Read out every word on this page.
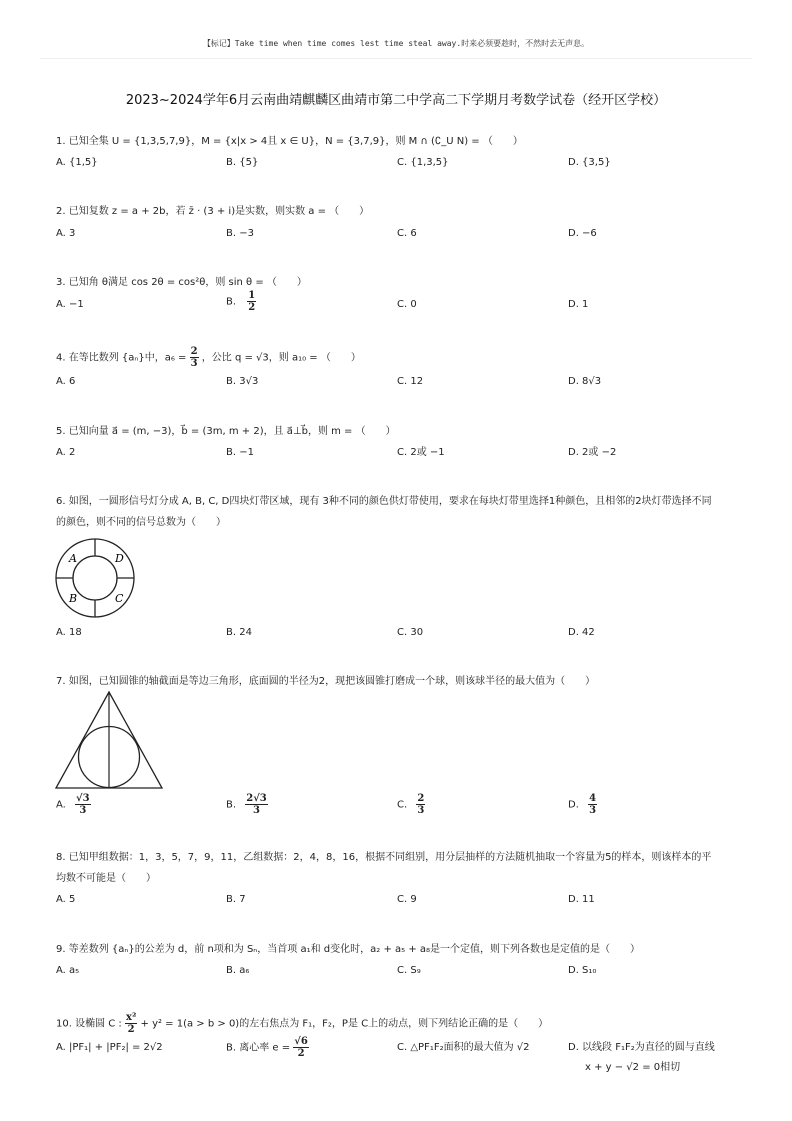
【标记】Take time when time comes lest time steal away.时来必须要趁时，不然时去无声息。
2023~2024学年6月云南曲靖麒麟区曲靖市第二中学高二下学期月考数学试卷（经开区学校）
1. 已知全集 U = {1,3,5,7,9}，M = {x|x > 4且 x ∈ U}，N = {3,7,9}，则 M ∩ (∁_U N) = （　　）
A. {1,5}	B. {5}	C. {1,3,5}	D. {3,5}
2. 已知复数 z = a + 2b，若 z̄ · (3 + i)是实数，则实数 a = （　　）
A. 3	B. −3	C. 6	D. −6
3. 已知角 θ满足 cos 2θ = cos²θ，则 sin θ = （　　）
A. −1	B. $\frac{1}{2}$	C. 0	D. 1
4. 在等比数列 {aₙ}中，$a_6 = \frac{2}{3}$ ，公比 q = √3，则 a₁₀ = （　　）
A. 6	B. 3√3	C. 12	D. 8√3
5. 已知向量 a⃗ = (m, −3)，b⃗ = (3m, m + 2)，且 a⃗⊥b⃗，则 m = （　　）
A. 2	B. −1	C. 2或 −1	D. 2或 −2
6. 如图，一圆形信号灯分成 A, B, C, D四块灯带区域，现有 3种不同的颜色供灯带使用，要求在每块灯带里选择1种颜色，且相邻的2块灯带选择不同
的颜色，则不同的信号总数为（　　）
A	D
B	C
A. 18	B. 24	C. 30	D. 42
7. 如图，已知圆锥的轴截面是等边三角形，底面圆的半径为2，现把该圆锥打磨成一个球，则该球半径的最大值为（　　）
A. $\frac{√3}{3}$	B. $\frac{2√3}{3}$	C. $\frac{2}{3}$	D. $\frac{4}{3}$
8. 已知甲组数据：1，3，5，7，9，11，乙组数据：2，4，8，16，根据不同组别，用分层抽样的方法随机抽取一个容量为5的样本，则该样本的平
均数不可能是（　　）
A. 5	B. 7	C. 9	D. 11
9. 等差数列 {aₙ}的公差为 d，前 n项和为 Sₙ，当首项 a₁和 d变化时，a₂ + a₅ + a₈是一个定值，则下列各数也是定值的是（　　）
A. a₅	B. a₆	C. S₉	D. S₁₀
10. 设椭圆 C : $\frac{\text{x²}}{2} + y^2 = 1(a > b > 0)$的左右焦点为 F₁，F₂，P是 C上的动点，则下列结论正确的是（　　）
A. |PF₁| + |PF₂| = 2√2	B. 离心率 $e = \frac{√6}{2}$	C. △PF₁F₂面积的最大值为 √2	D. 以线段 F₁F₂为直径的圆与直线
x + y − √2 = 0相切
